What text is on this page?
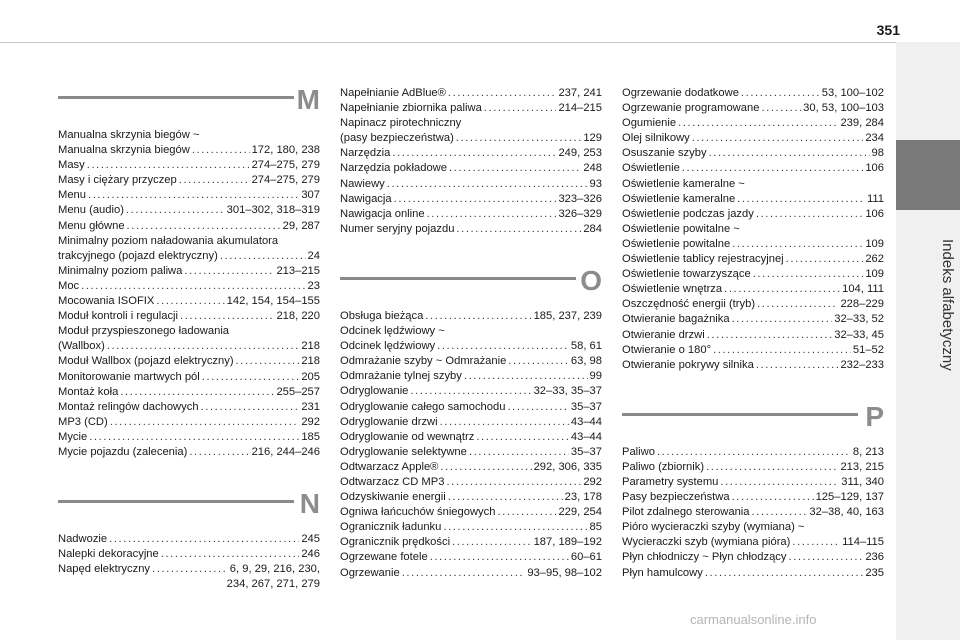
351
Indeks alfabetyczny
M
Manualna skrzynia biegów ~
Manualna skrzynia biegów .....	172, 180, 238
Masy .....	274–275, 279
Masy i ciężary przyczep .....	274–275, 279
Menu .....	307
Menu (audio) .....	301–302, 318–319
Menu główne .....	29, 287
Minimalny poziom naładowania akumulatora
trakcyjnego (pojazd elektryczny) .....	24
Minimalny poziom paliwa .....	213–215
Moc .....	23
Mocowania ISOFIX .....	142, 154, 154–155
Moduł kontroli i regulacji .....	218, 220
Moduł przyspieszonego ładowania
(Wallbox) .....	218
Moduł Wallbox (pojazd elektryczny) .....	218
Monitorowanie martwych pól .....	205
Montaż koła .....	255–257
Montaż relingów dachowych .....	231
MP3 (CD) .....	292
Mycie .....	185
Mycie pojazdu (zalecenia) .....	216, 244–246
N
Nadwozie .....	245
Nalepki dekoracyjne .....	246
Napęd elektryczny .....	6, 9, 29, 216, 230,
234, 267, 271, 279
Napełnianie AdBlue® .....	237, 241
Napełnianie zbiornika paliwa .....	214–215
Napinacz pirotechniczny
(pasy bezpieczeństwa) .....	129
Narzędzia .....	249, 253
Narzędzia pokładowe .....	248
Nawiewy .....	93
Nawigacja .....	323–326
Nawigacja online .....	326–329
Numer seryjny pojazdu .....	284
O
Obsługa bieżąca .....	185, 237, 239
Odcinek lędźwiowy ~
Odcinek lędźwiowy .....	58, 61
Odmrażanie szyby ~ Odmrażanie .....	63, 98
Odmrażanie tylnej szyby .....	99
Odryglowanie .....	32–33, 35–37
Odryglowanie całego samochodu .....	35–37
Odryglowanie drzwi .....	43–44
Odryglowanie od wewnątrz .....	43–44
Odryglowanie selektywne .....	35–37
Odtwarzacz Apple® .....	292, 306, 335
Odtwarzacz CD MP3 .....	292
Odzyskiwanie energii .....	23, 178
Ogniwa łańcuchów śniegowych .....	229, 254
Ogranicznik ładunku .....	85
Ogranicznik prędkości .....	187, 189–192
Ogrzewane fotele .....	60–61
Ogrzewanie .....	93–95, 98–102
Ogrzewanie dodatkowe .....	53, 100–102
Ogrzewanie programowane .....	30, 53, 100–103
Ogumienie .....	239, 284
Olej silnikowy .....	234
Osuszanie szyby .....	98
Oświetlenie .....	106
Oświetlenie kameralne ~
Oświetlenie kameralne .....	111
Oświetlenie podczas jazdy .....	106
Oświetlenie powitalne ~
Oświetlenie powitalne .....	109
Oświetlenie tablicy rejestracyjnej .....	262
Oświetlenie towarzyszące .....	109
Oświetlenie wnętrza .....	104, 111
Oszczędność energii (tryb) .....	228–229
Otwieranie bagażnika .....	32–33, 52
Otwieranie drzwi .....	32–33, 45
Otwieranie o 180° .....	51–52
Otwieranie pokrywy silnika .....	232–233
P
Paliwo .....	8, 213
Paliwo (zbiornik) .....	213, 215
Parametry systemu .....	311, 340
Pasy bezpieczeństwa .....	125–129, 137
Pilot zdalnego sterowania .....	32–38, 40, 163
Pióro wycieraczki szyby (wymiana) ~
Wycieraczki szyb (wymiana pióra) .....	114–115
Płyn chłodniczy ~ Płyn chłodzący .....	236
Płyn hamulcowy .....	235
carmanualsonline.info
